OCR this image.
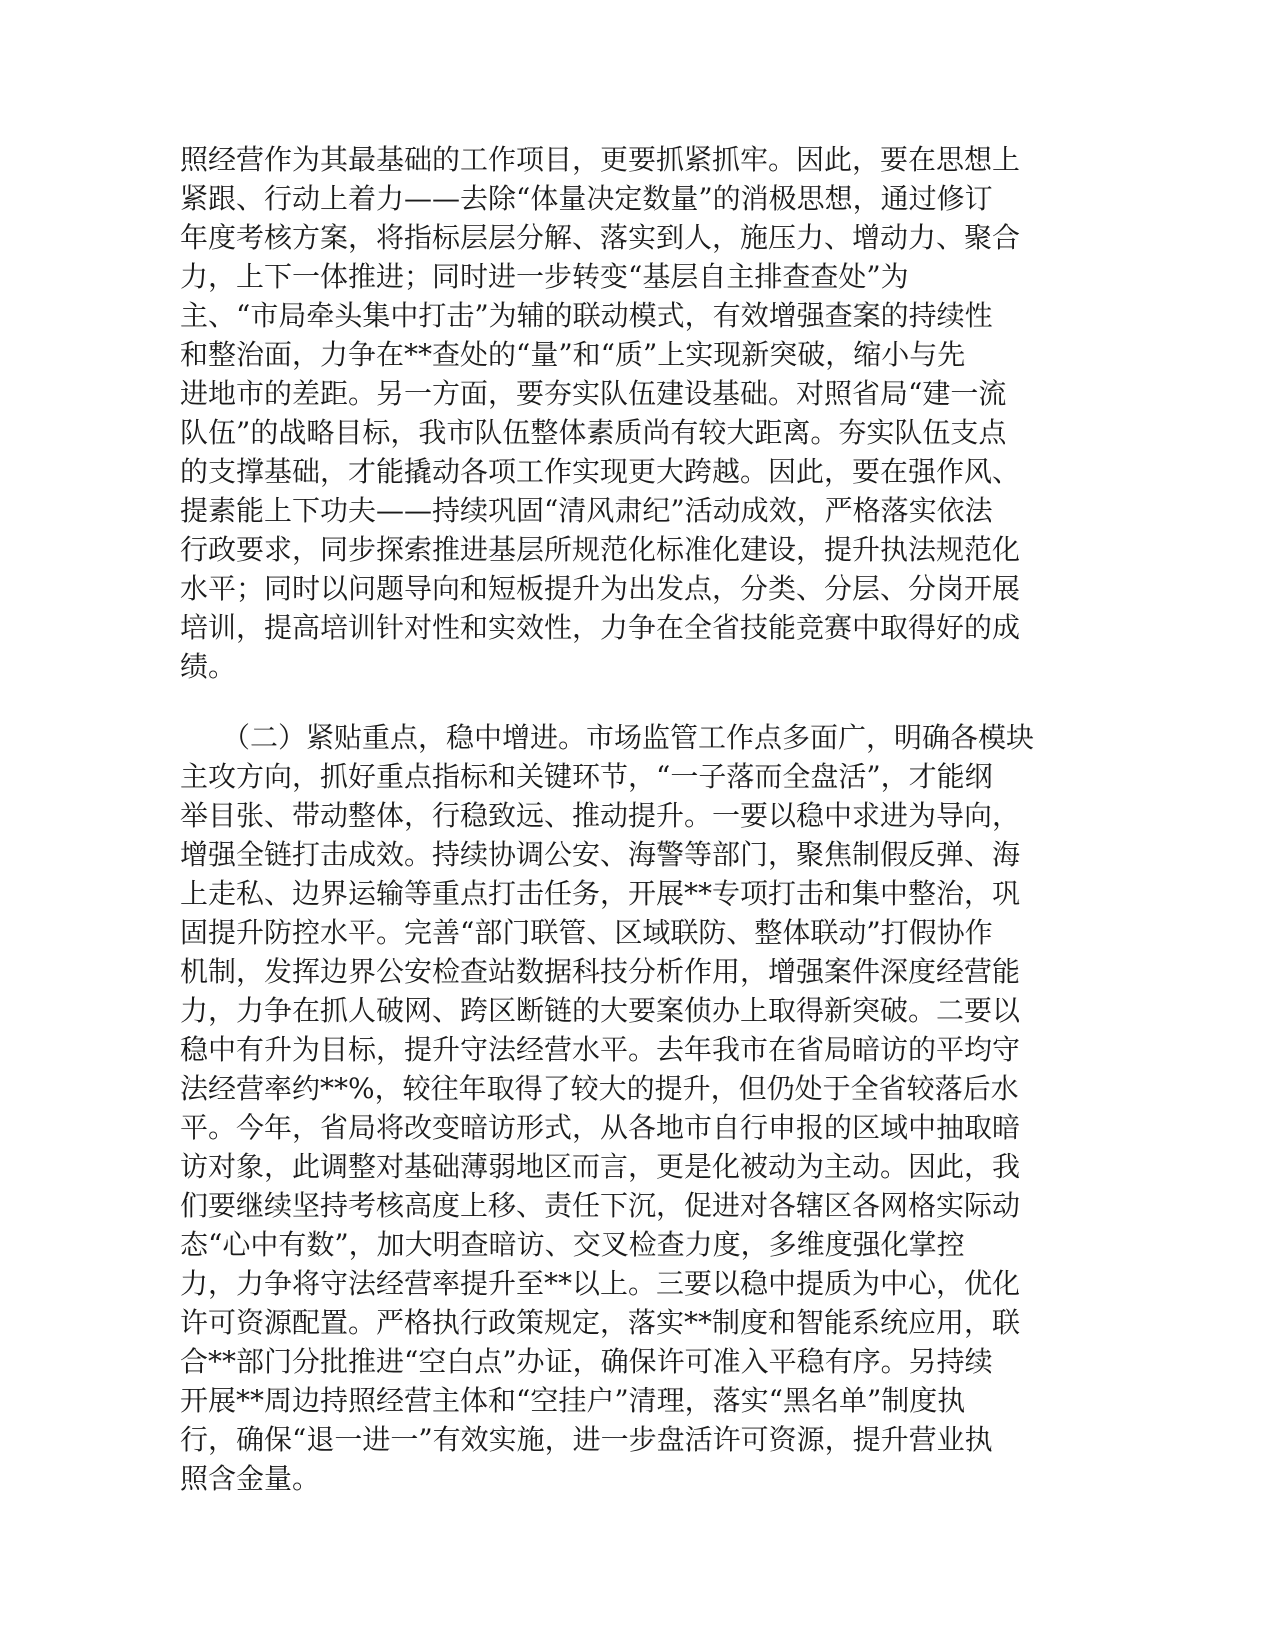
照经营作为其最基础的工作项目，更要抓紧抓牢。因此，要在思想上

紧跟、行动上着力——去除“体量决定数量”的消极思想，通过修订

年度考核方案，将指标层层分解、落实到人，施压力、增动力、聚合

力，上下一体推进；同时进一步转变“基层自主排查查处”为

主、“市局牵头集中打击”为辅的联动模式，有效增强查案的持续性

和整治面，力争在**查处的“量”和“质”上实现新突破，缩小与先

进地市的差距。另一方面，要夯实队伍建设基础。对照省局“建一流

队伍”的战略目标，我市队伍整体素质尚有较大距离。夯实队伍支点

的支撑基础，才能撬动各项工作实现更大跨越。因此，要在强作风、

提素能上下功夫——持续巩固“清风肃纪”活动成效，严格落实依法

行政要求，同步探索推进基层所规范化标准化建设，提升执法规范化

水平；同时以问题导向和短板提升为出发点，分类、分层、分岗开展

培训，提高培训针对性和实效性，力争在全省技能竞赛中取得好的成

绩。

　　（二）紧贴重点，稳中增进。市场监管工作点多面广，明确各模块

主攻方向，抓好重点指标和关键环节，“一子落而全盘活”，才能纲

举目张、带动整体，行稳致远、推动提升。一要以稳中求进为导向，

增强全链打击成效。持续协调公安、海警等部门，聚焦制假反弹、海

上走私、边界运输等重点打击任务，开展**专项打击和集中整治，巩

固提升防控水平。完善“部门联管、区域联防、整体联动”打假协作

机制，发挥边界公安检查站数据科技分析作用，增强案件深度经营能

力，力争在抓人破网、跨区断链的大要案侦办上取得新突破。二要以

稳中有升为目标，提升守法经营水平。去年我市在省局暗访的平均守

法经营率约**%，较往年取得了较大的提升，但仍处于全省较落后水

平。今年，省局将改变暗访形式，从各地市自行申报的区域中抽取暗

访对象，此调整对基础薄弱地区而言，更是化被动为主动。因此，我

们要继续坚持考核高度上移、责任下沉，促进对各辖区各网格实际动

态“心中有数”，加大明查暗访、交叉检查力度，多维度强化掌控

力，力争将守法经营率提升至**以上。三要以稳中提质为中心，优化

许可资源配置。严格执行政策规定，落实**制度和智能系统应用，联

合**部门分批推进“空白点”办证，确保许可准入平稳有序。另持续

开展**周边持照经营主体和“空挂户”清理，落实“黑名单”制度执

行，确保“退一进一”有效实施，进一步盘活许可资源，提升营业执

照含金量。
